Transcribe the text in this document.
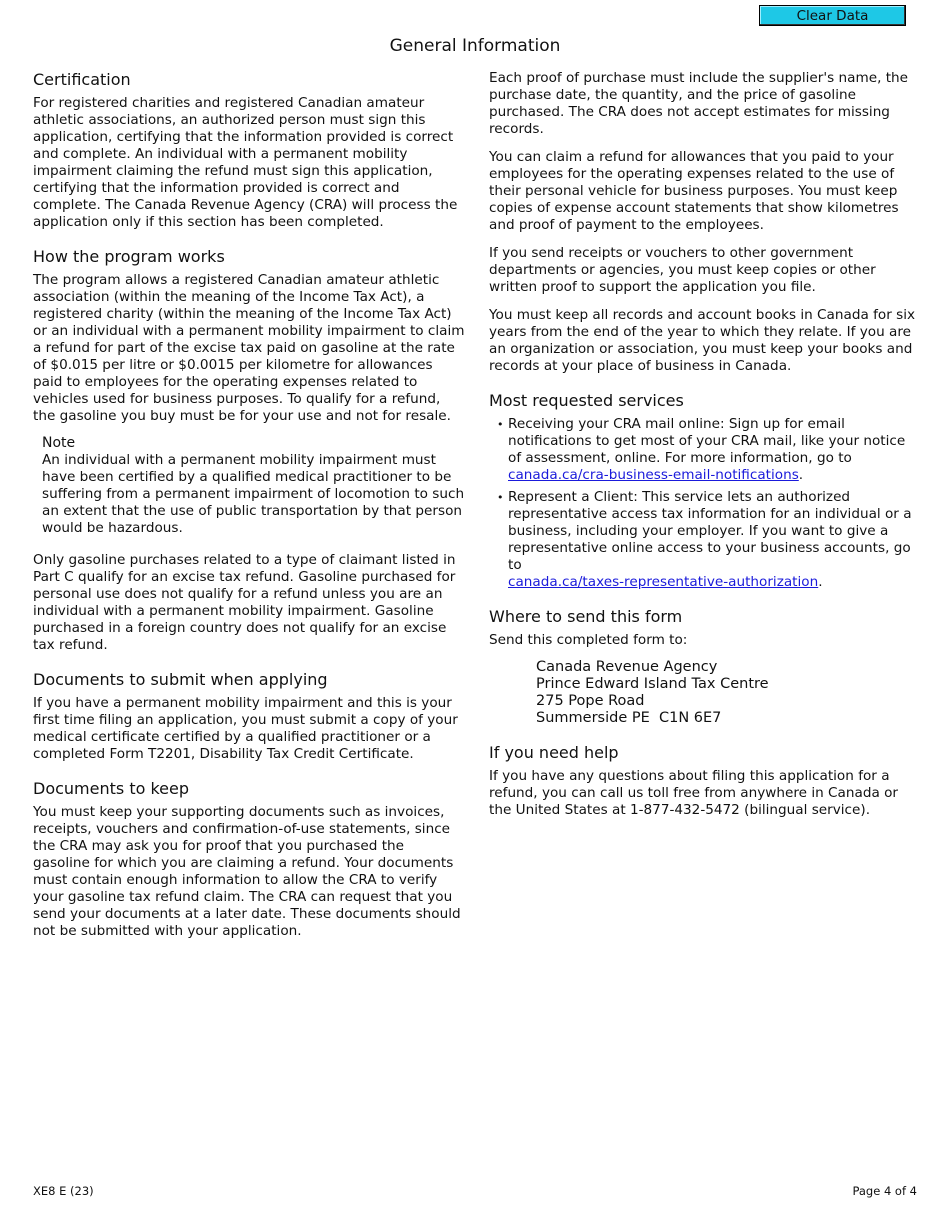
Clear Data
General Information
Certification

For registered charities and registered Canadian amateur athletic associations, an authorized person must sign this application, certifying that the information provided is correct and complete. An individual with a permanent mobility impairment claiming the refund must sign this application, certifying that the information provided is correct and complete. The Canada Revenue Agency (CRA) will process the application only if this section has been completed.

How the program works

The program allows a registered Canadian amateur athletic association (within the meaning of the Income Tax Act), a registered charity (within the meaning of the Income Tax Act) or an individual with a permanent mobility impairment to claim a refund for part of the excise tax paid on gasoline at the rate of $0.015 per litre or $0.0015 per kilometre for allowances paid to employees for the operating expenses related to vehicles used for business purposes. To qualify for a refund, the gasoline you buy must be for your use and not for resale.

Note

An individual with a permanent mobility impairment must have been certified by a qualified medical practitioner to be suffering from a permanent impairment of locomotion to such an extent that the use of public transportation by that person would be hazardous.

Only gasoline purchases related to a type of claimant listed in Part C qualify for an excise tax refund. Gasoline purchased for personal use does not qualify for a refund unless you are an individual with a permanent mobility impairment. Gasoline purchased in a foreign country does not qualify for an excise tax refund.

Documents to submit when applying

If you have a permanent mobility impairment and this is your first time filing an application, you must submit a copy of your medical certificate certified by a qualified practitioner or a completed Form T2201, Disability Tax Credit Certificate.

Documents to keep

You must keep your supporting documents such as invoices, receipts, vouchers and confirmation-of-use statements, since the CRA may ask you for proof that you purchased the gasoline for which you are claiming a refund. Your documents must contain enough information to allow the CRA to verify your gasoline tax refund claim. The CRA can request that you send your documents at a later date. These documents should not be submitted with your application.

Each proof of purchase must include the supplier's name, the purchase date, the quantity, and the price of gasoline purchased. The CRA does not accept estimates for missing records.

You can claim a refund for allowances that you paid to your employees for the operating expenses related to the use of their personal vehicle for business purposes. You must keep copies of expense account statements that show kilometres and proof of payment to the employees.

If you send receipts or vouchers to other government departments or agencies, you must keep copies or other written proof to support the application you file.

You must keep all records and account books in Canada for six years from the end of the year to which they relate. If you are an organization or association, you must keep your books and records at your place of business in Canada.

Most requested services
• Receiving your CRA mail online: Sign up for email notifications to get most of your CRA mail, like your notice of assessment, online. For more information, go to
canada.ca/cra-business-email-notifications.
• Represent a Client: This service lets an authorized representative access tax information for an individual or a business, including your employer. If you want to give a representative online access to your business accounts, go to
canada.ca/taxes-representative-authorization.
Where to send this form

Send this completed form to:

Canada Revenue Agency
Prince Edward Island Tax Centre
275 Pope Road
Summerside PE  C1N 6E7
If you need help

If you have any questions about filing this application for a refund, you can call us toll free from anywhere in Canada or the United States at 1-877-432-5472 (bilingual service).

XE8 E (23)	Page 4 of 4
